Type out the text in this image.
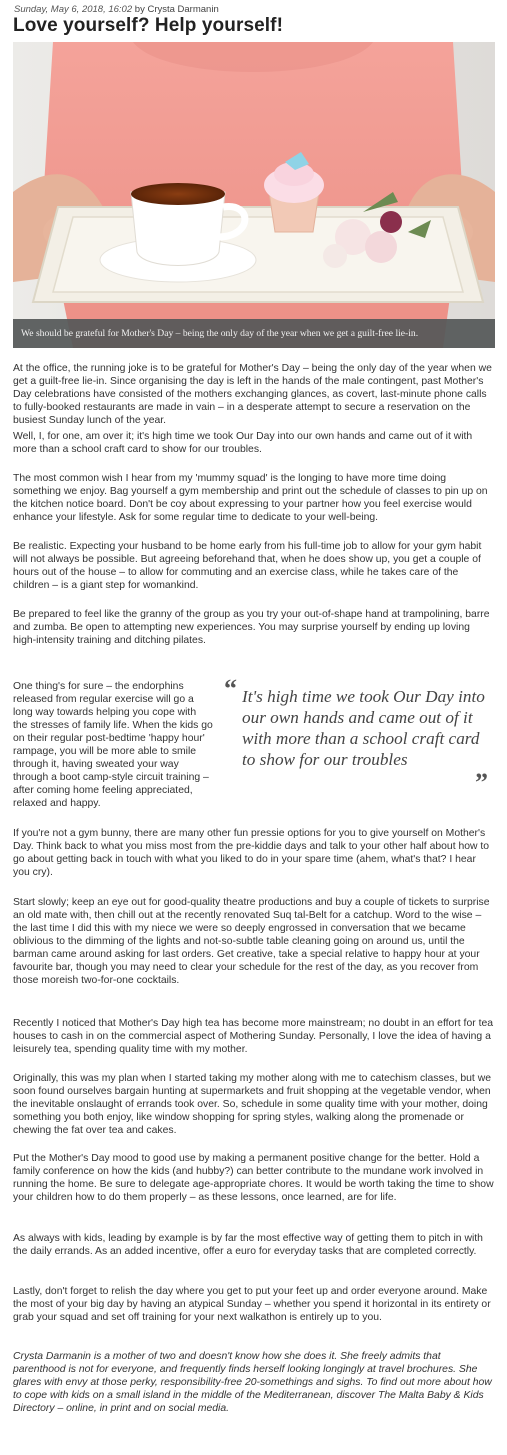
Sunday, May 6, 2018, 16:02 by Crysta Darmanin
Love yourself? Help yourself!
We should be grateful for Mother's Day – being the only day of the year when we get a guilt-free lie-in.

At the office, the running joke is to be grateful for Mother's Day – being the only day of the year when we get a guilt-free lie-in. Since organising the day is left in the hands of the male contingent, past Mother's Day celebrations have consisted of the mothers exchanging glances, as covert, last-minute phone calls to fully-booked restaurants are made in vain – in a desperate attempt to secure a reservation on the busiest Sunday lunch of the year.

Well, I, for one, am over it; it's high time we took Our Day into our own hands and came out of it with more than a school craft card to show for our troubles.

The most common wish I hear from my 'mummy squad' is the longing to have more time doing something we enjoy. Bag yourself a gym membership and print out the schedule of classes to pin up on the kitchen notice board. Don't be coy about expressing to your partner how you feel exercise would enhance your lifestyle. Ask for some regular time to dedicate to your well-being.

Be realistic. Expecting your husband to be home early from his full-time job to allow for your gym habit will not always be possible. But agreeing beforehand that, when he does show up, you get a couple of hours out of the house – to allow for commuting and an exercise class, while he takes care of the children – is a giant step for womankind.

Be prepared to feel like the granny of the group as you try your out-of-shape hand at trampolining, barre and zumba. Be open to attempting new experiences. You may surprise yourself by ending up loving high-intensity training and ditching pilates.

One thing's for sure – the endorphins released from regular exercise will go a long way towards helping you cope with the stresses of family life. When the kids go on their regular post-bedtime 'happy hour' rampage, you will be more able to smile through it, having sweated your way through a boot camp-style circuit training – after coming home feeling appreciated, relaxed and happy.

“ It's high time we took Our Day into our own hands and came out of it with more than a school craft card to show for our troubles

”

If you're not a gym bunny, there are many other fun pressie options for you to give yourself on Mother's Day. Think back to what you miss most from the pre-kiddie days and talk to your other half about how to go about getting back in touch with what you liked to do in your spare time (ahem, what's that? I hear you cry).

Start slowly; keep an eye out for good-quality theatre productions and buy a couple of tickets to surprise an old mate with, then chill out at the recently renovated Suq tal-Belt for a catchup. Word to the wise – the last time I did this with my niece we were so deeply engrossed in conversation that we became oblivious to the dimming of the lights and not-so-subtle table cleaning going on around us, until the barman came around asking for last orders. Get creative, take a special relative to happy hour at your favourite bar, though you may need to clear your schedule for the rest of the day, as you recover from those moreish two-for-one cocktails.

Recently I noticed that Mother's Day high tea has become more mainstream; no doubt in an effort for tea houses to cash in on the commercial aspect of Mothering Sunday. Personally, I love the idea of having a leisurely tea, spending quality time with my mother.

Originally, this was my plan when I started taking my mother along with me to catechism classes, but we soon found ourselves bargain hunting at supermarkets and fruit shopping at the vegetable vendor, when the inevitable onslaught of errands took over. So, schedule in some quality time with your mother, doing something you both enjoy, like window shopping for spring styles, walking along the promenade or chewing the fat over tea and cakes.

Put the Mother's Day mood to good use by making a permanent positive change for the better. Hold a family conference on how the kids (and hubby?) can better contribute to the mundane work involved in running the home. Be sure to delegate age-appropriate chores. It would be worth taking the time to show your children how to do them properly – as these lessons, once learned, are for life.

As always with kids, leading by example is by far the most effective way of getting them to pitch in with the daily errands. As an added incentive, offer a euro for everyday tasks that are completed correctly.

Lastly, don't forget to relish the day where you get to put your feet up and order everyone around. Make the most of your big day by having an atypical Sunday – whether you spend it horizontal in its entirety or grab your squad and set off training for your next walkathon is entirely up to you.

Crysta Darmanin is a mother of two and doesn't know how she does it. She freely admits that parenthood is not for everyone, and frequently finds herself looking longingly at travel brochures. She glares with envy at those perky, responsibility-free 20-somethings and sighs. To find out more about how to cope with kids on a small island in the middle of the Mediterranean, discover The Malta Baby & Kids Directory – online, in print and on social media.
